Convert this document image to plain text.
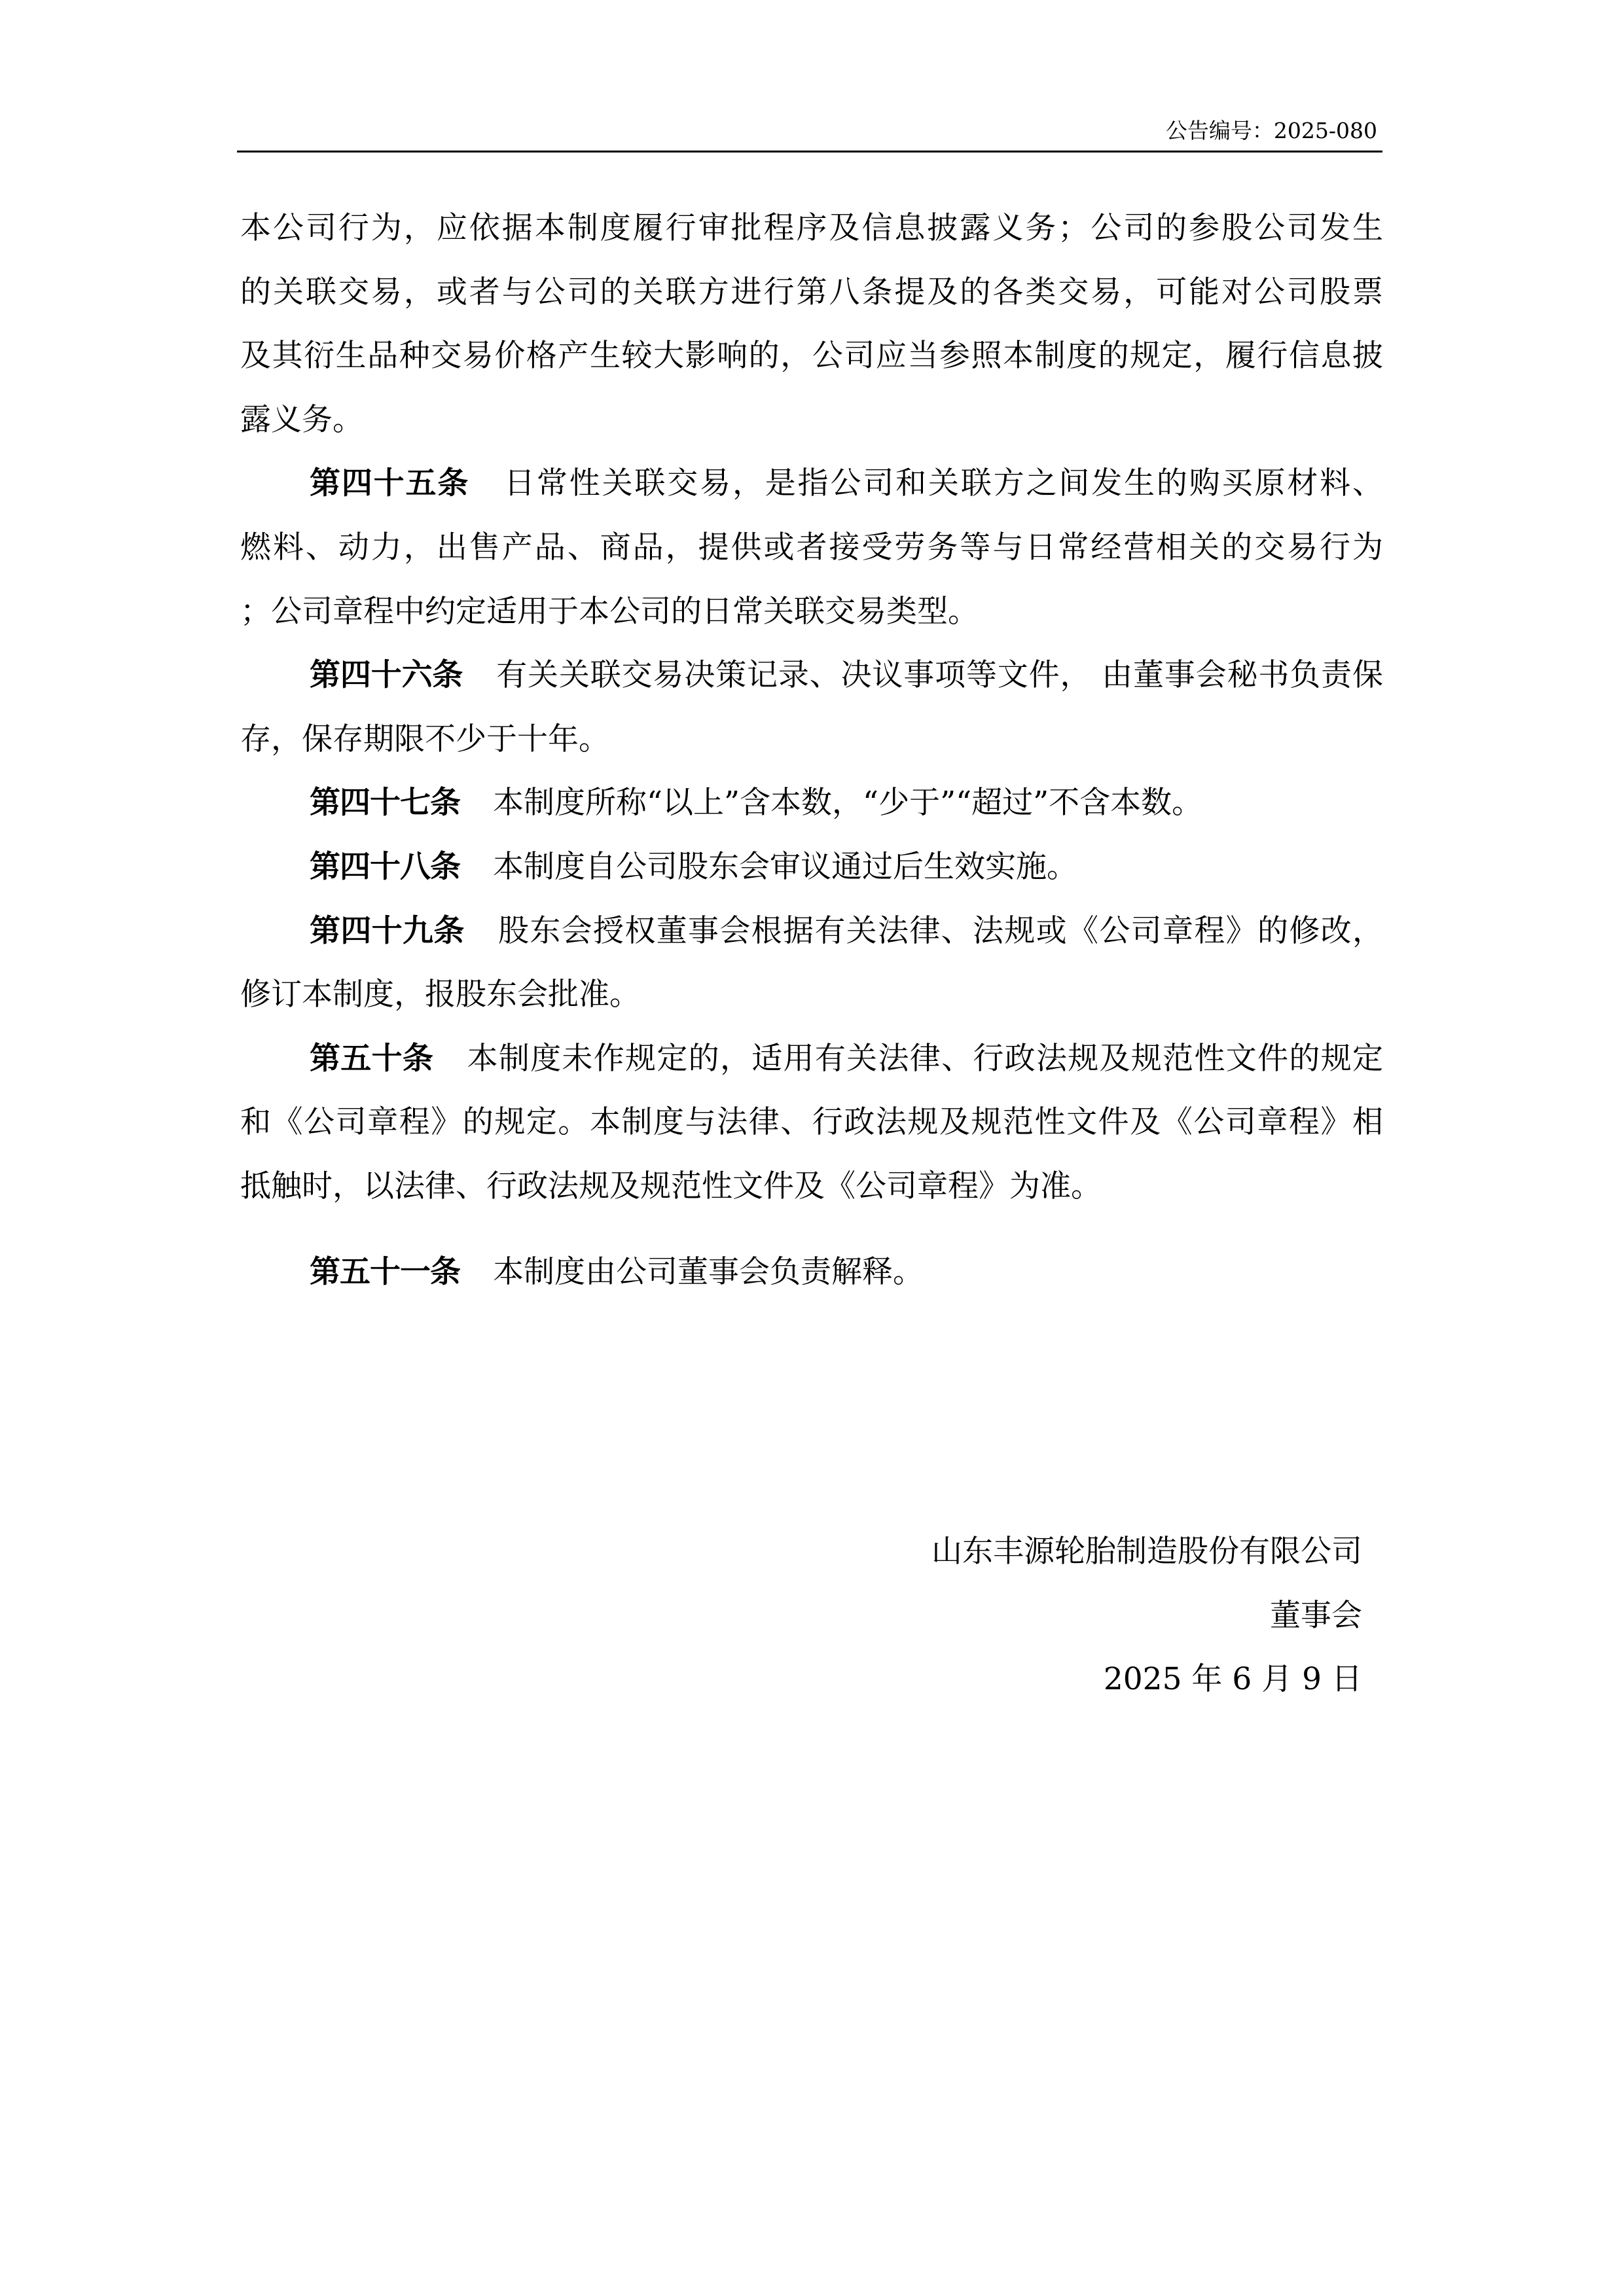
公告编号：2025-080
本公司行为，应依据本制度履行审批程序及信息披露义务；公司的参股公司发生
的关联交易，或者与公司的关联方进行第八条提及的各类交易，可能对公司股票
及其衍生品种交易价格产生较大影响的，公司应当参照本制度的规定，履行信息披
露义务。
第四十五条 日常性关联交易，是指公司和关联方之间发生的购买原材料、
燃料、动力，出售产品、商品，提供或者接受劳务等与日常经营相关的交易行为
；公司章程中约定适用于本公司的日常关联交易类型。
第四十六条 有关关联交易决策记录、决议事项等文件， 由董事会秘书负责保
存，保存期限不少于十年。
第四十七条 本制度所称“以上”含本数，“少于”“超过”不含本数。
第四十八条 本制度自公司股东会审议通过后生效实施。
第四十九条 股东会授权董事会根据有关法律、法规或《公司章程》的修改，
修订本制度，报股东会批准。
第五十条 本制度未作规定的，适用有关法律、行政法规及规范性文件的规定
和《公司章程》的规定。本制度与法律、行政法规及规范性文件及《公司章程》相
抵触时，以法律、行政法规及规范性文件及《公司章程》为准。
第五十一条 本制度由公司董事会负责解释。
山东丰源轮胎制造股份有限公司
董事会
2025 年 6 月 9 日
